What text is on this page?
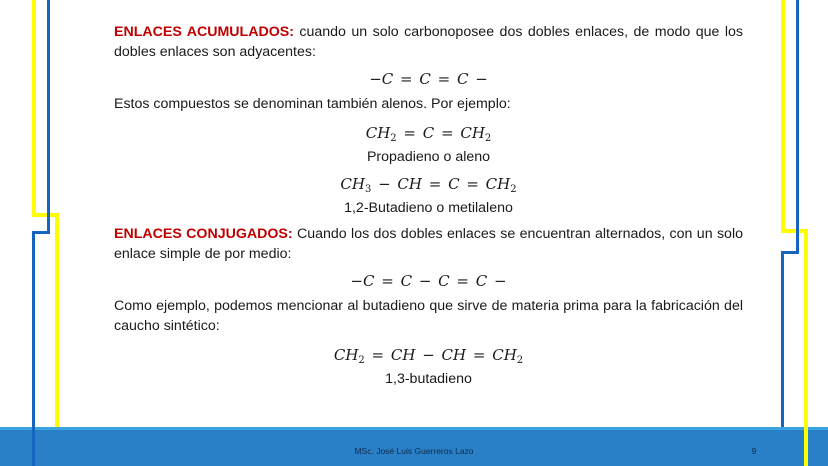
ENLACES ACUMULADOS: cuando un solo carbonoposee dos dobles enlaces, de modo que los dobles enlaces son adyacentes:

−C = C = C −

Estos compuestos se denominan también alenos. Por ejemplo:

$CH_2 = C = CH_2$

Propadieno o aleno

$CH_3$ − CH = $C = CH_2$

1,2-Butadieno o metilaleno

ENLACES CONJUGADOS: Cuando los dos dobles enlaces se encuentran alternados, con un solo enlace simple de por medio:

−C = C − C = C −

Como ejemplo, podemos mencionar al butadieno que sirve de materia prima para la fabricación del caucho sintético:

$CH_2$ = CH − CH = $CH_2$

1,3-butadieno

MSc. José Luis Guerreros Lazo	9
